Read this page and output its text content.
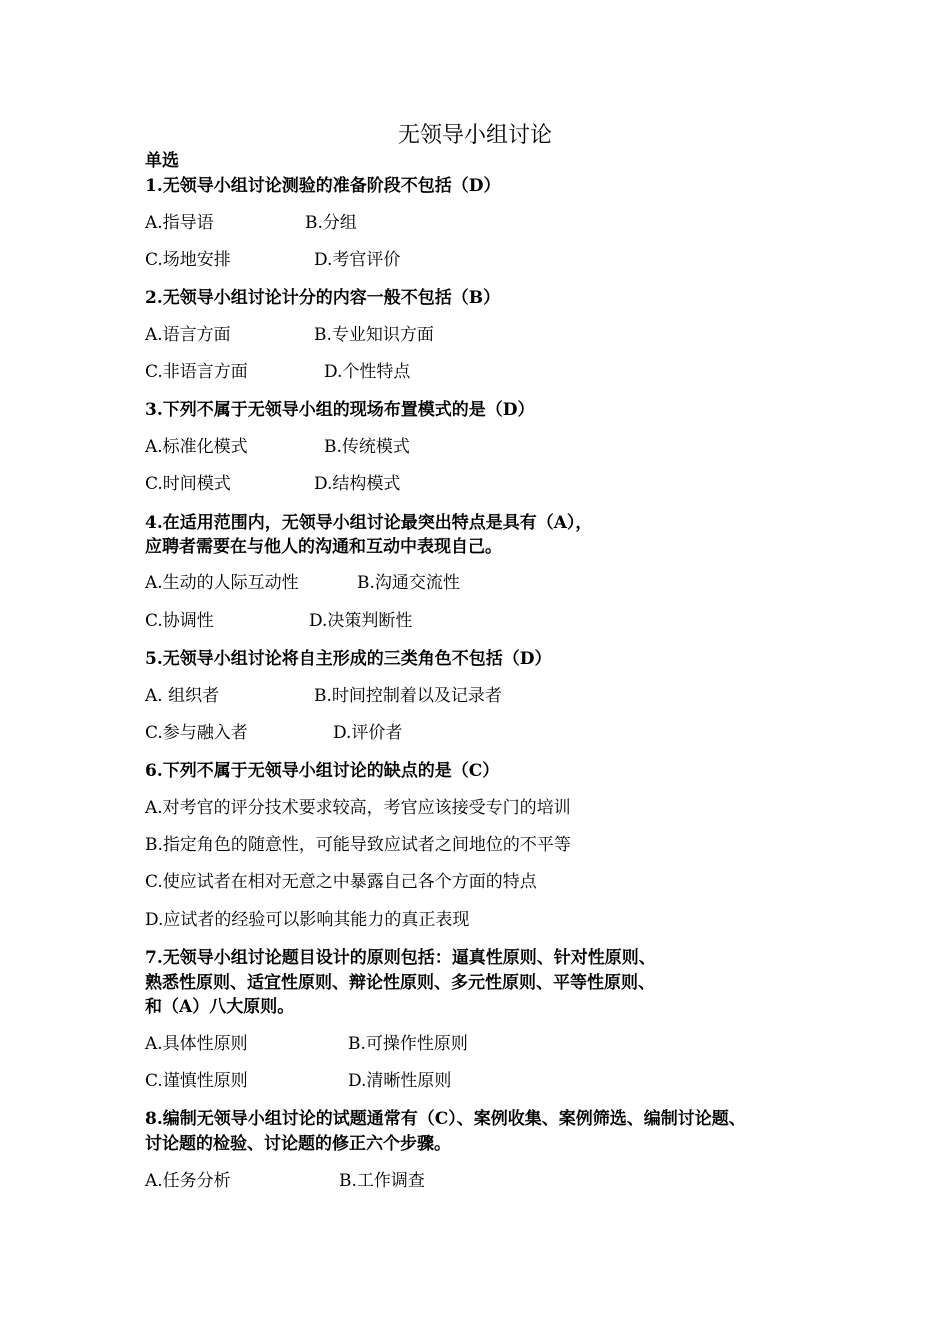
无领导小组讨论
单选
1.无领导小组讨论测验的准备阶段不包括（D）
A.指导语	B.分组
C.场地安排	D.考官评价
2.无领导小组讨论计分的内容一般不包括（B）
A.语言方面	B.专业知识方面
C.非语言方面	D.个性特点
3.下列不属于无领导小组的现场布置模式的是（D）
A.标准化模式	B.传统模式
C.时间模式	D.结构模式
4.在适用范围内，无领导小组讨论最突出特点是具有（A），
应聘者需要在与他人的沟通和互动中表现自己。
A.生动的人际互动性	B.沟通交流性
C.协调性	D.决策判断性
5.无领导小组讨论将自主形成的三类角色不包括（D）
A. 组织者	B.时间控制着以及记录者
C.参与融入者	D.评价者
6.下列不属于无领导小组讨论的缺点的是（C）
A.对考官的评分技术要求较高，考官应该接受专门的培训
B.指定角色的随意性，可能导致应试者之间地位的不平等
C.使应试者在相对无意之中暴露自己各个方面的特点
D.应试者的经验可以影响其能力的真正表现
7.无领导小组讨论题目设计的原则包括：逼真性原则、针对性原则、
熟悉性原则、适宜性原则、辩论性原则、多元性原则、平等性原则、
和（A）八大原则。
A.具体性原则	B.可操作性原则
C.谨慎性原则	D.清晰性原则
8.编制无领导小组讨论的试题通常有（C）、案例收集、案例筛选、编制讨论题、
讨论题的检验、讨论题的修正六个步骤。
A.任务分析	B.工作调查
